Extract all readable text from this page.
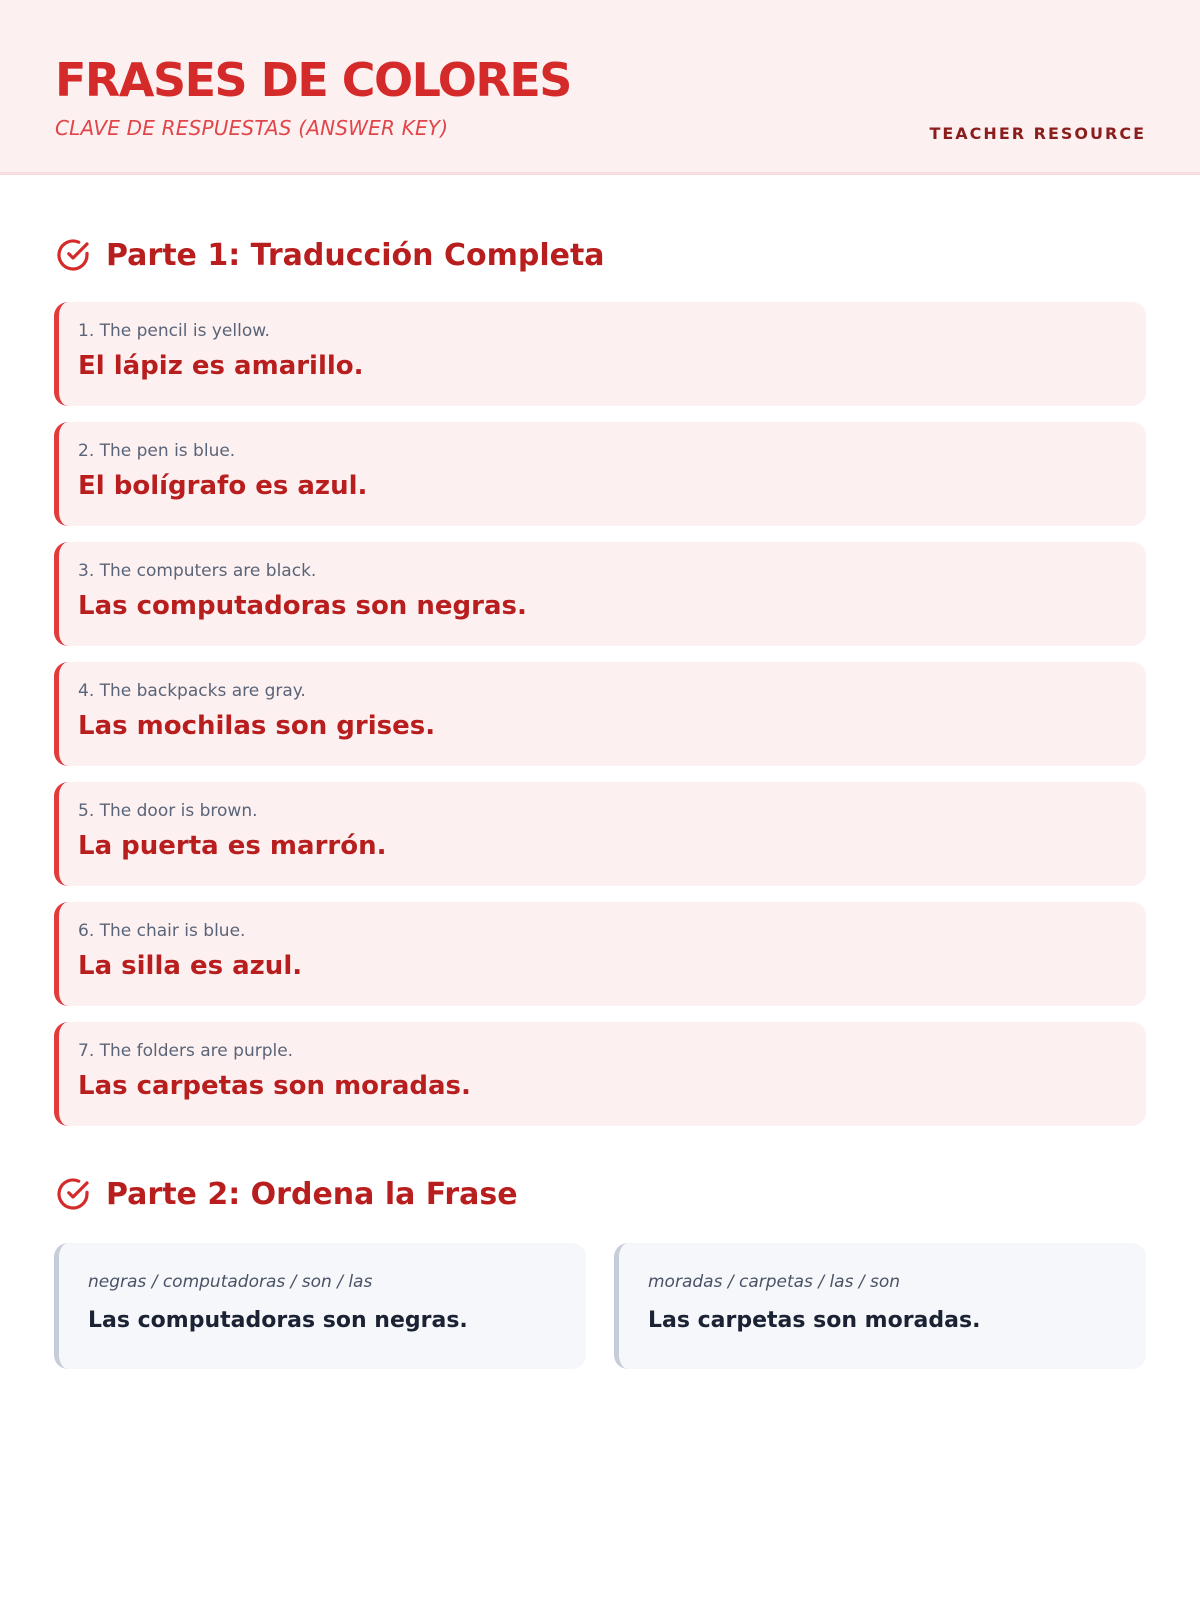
FRASES DE COLORES
CLAVE DE RESPUESTAS (ANSWER KEY)	TEACHER RESOURCE
Parte 1: Traducción Completa
1. The pencil is yellow.
El lápiz es amarillo.
2. The pen is blue.
El bolígrafo es azul.
3. The computers are black.
Las computadoras son negras.
4. The backpacks are gray.
Las mochilas son grises.
5. The door is brown.
La puerta es marrón.
6. The chair is blue.
La silla es azul.
7. The folders are purple.
Las carpetas son moradas.
Parte 2: Ordena la Frase
negras / computadoras / son / las
Las computadoras son negras.
moradas / carpetas / las / son
Las carpetas son moradas.
